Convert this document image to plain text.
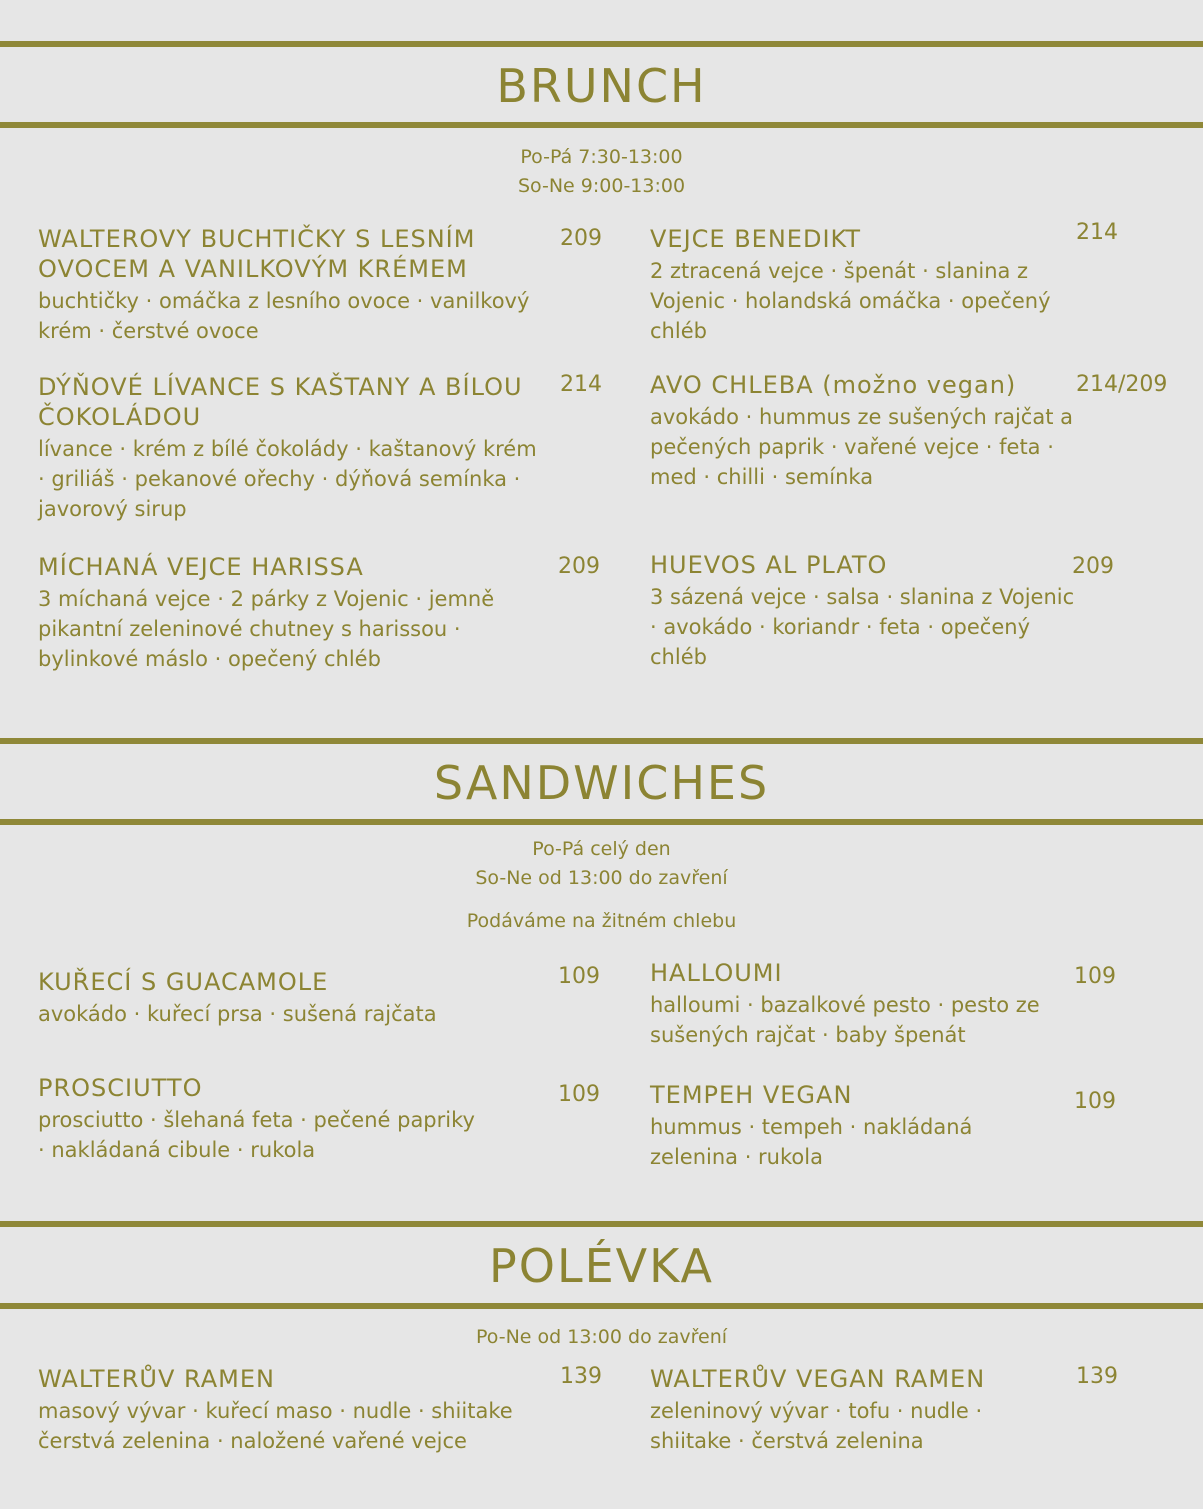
BRUNCH
Po-Pá 7:30-13:00
So-Ne 9:00-13:00
WALTEROVY BUCHTIČKY S LESNÍM OVOCEM A VANILKOVÝM KRÉMEM
buchtičky · omáčka z lesního ovoce · vanilkový krém · čerstvé ovoce
209 VEJCE BENEDIKT
2 ztracená vejce · špenát · slanina z Vojenic · holandská omáčka · opečený chléb
214
DÝŇOVÉ LÍVANCE S KAŠTANY A BÍLOU ČOKOLÁDOU
lívance · krém z bílé čokolády · kaštanový krém · griliáš · pekanové ořechy · dýňová semínka · javorový sirup
214 AVO CHLEBA (možno vegan)
avokádo · hummus ze sušených rajčat a pečených paprik · vařené vejce · feta · med · chilli · semínka
214/209
MÍCHANÁ VEJCE HARISSA
3 míchaná vejce · 2 párky z Vojenic · jemně pikantní zeleninové chutney s harissou · bylinkové máslo · opečený chléb
209 HUEVOS AL PLATO
3 sázená vejce · salsa · slanina z Vojenic · avokádo · koriandr · feta · opečený chléb
209
SANDWICHES
Po-Pá celý den
So-Ne od 13:00 do zavření
Podáváme na žitném chlebu
KUŘECÍ S GUACAMOLE
avokádo · kuřecí prsa · sušená rajčata
109 HALLOUMI
halloumi · bazalkové pesto · pesto ze sušených rajčat · baby špenát
109
PROSCIUTTO
prosciutto · šlehaná feta · pečené papriky · nakládaná cibule · rukola
109 TEMPEH VEGAN
hummus · tempeh · nakládaná zelenina · rukola
109
POLÉVKA
Po-Ne od 13:00 do zavření
WALTERŮV RAMEN
masový vývar · kuřecí maso · nudle · shiitake čerstvá zelenina · naložené vařené vejce
139 WALTERŮV VEGAN RAMEN
zeleninový vývar · tofu · nudle · shiitake · čerstvá zelenina
139
